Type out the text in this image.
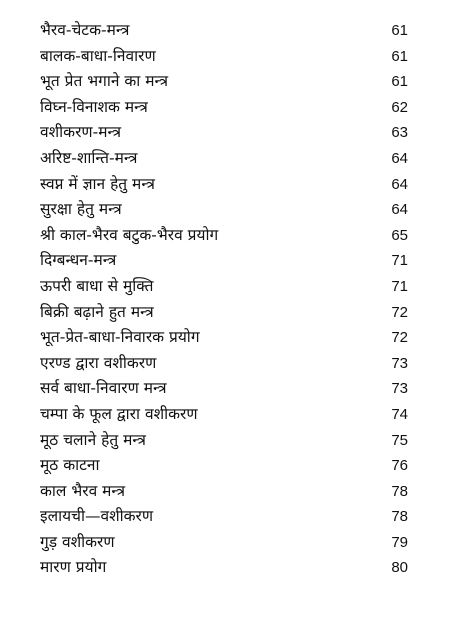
भैरव-चेटक-मन्त्र	61
बालक-बाधा-निवारण	61
भूत प्रेत भगाने का मन्त्र	61
विघ्न-विनाशक मन्त्र	62
वशीकरण-मन्त्र	63
अरिष्ट-शान्ति-मन्त्र	64
स्वप्न में ज्ञान हेतु मन्त्र	64
सुरक्षा हेतु मन्त्र	64
श्री काल-भैरव बटुक-भैरव प्रयोग	65
दिग्बन्धन-मन्त्र	71
ऊपरी बाधा से मुक्ति	71
बिक्री बढ़ाने हुत मन्त्र	72
भूत-प्रेत-बाधा-निवारक प्रयोग	72
एरण्ड द्वारा वशीकरण	73
सर्व बाधा-निवारण मन्त्र	73
चम्पा के फूल द्वारा वशीकरण	74
मूठ चलाने हेतु मन्त्र	75
मूठ काटना	76
काल भैरव मन्त्र	78
इलायची—वशीकरण	78
गुड़ वशीकरण	79
मारण प्रयोग	80
